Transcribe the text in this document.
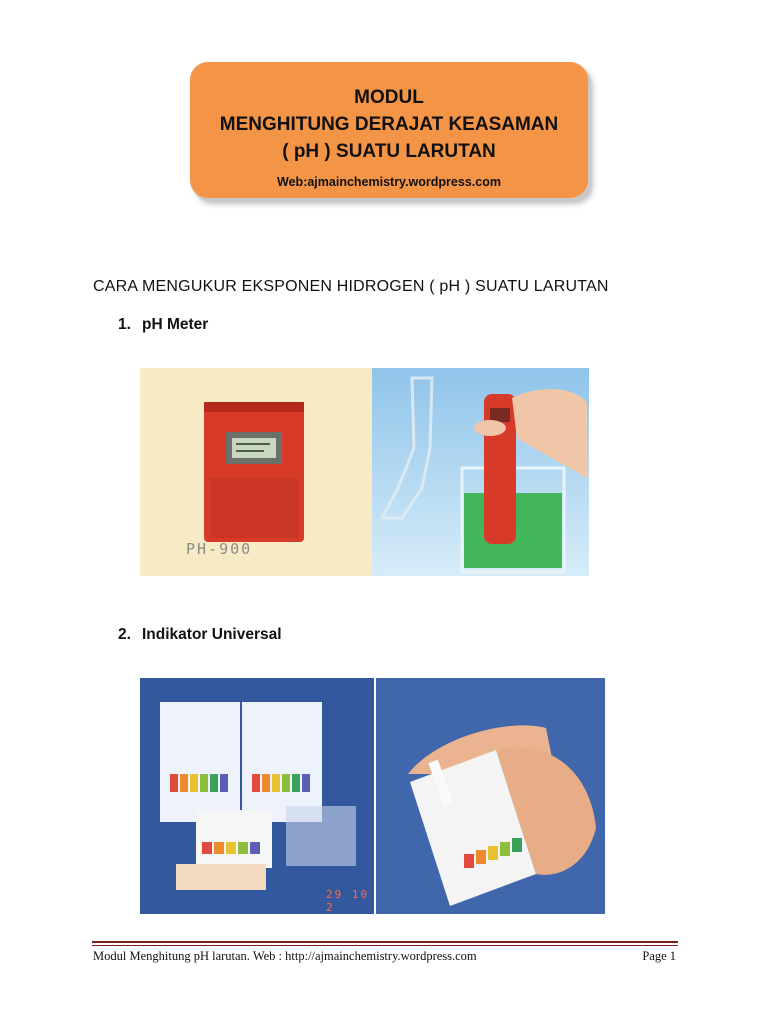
MODUL
MENGHITUNG DERAJAT KEASAMAN
( pH ) SUATU LARUTAN
Web:ajmainchemistry.wordpress.com
CARA MENGUKUR EKSPONEN HIDROGEN ( pH ) SUATU LARUTAN
1. pH Meter
PH-900
2. Indikator Universal
29 10 2
Modul Menghitung pH larutan. Web : http://ajmainchemistry.wordpress.com	Page 1
